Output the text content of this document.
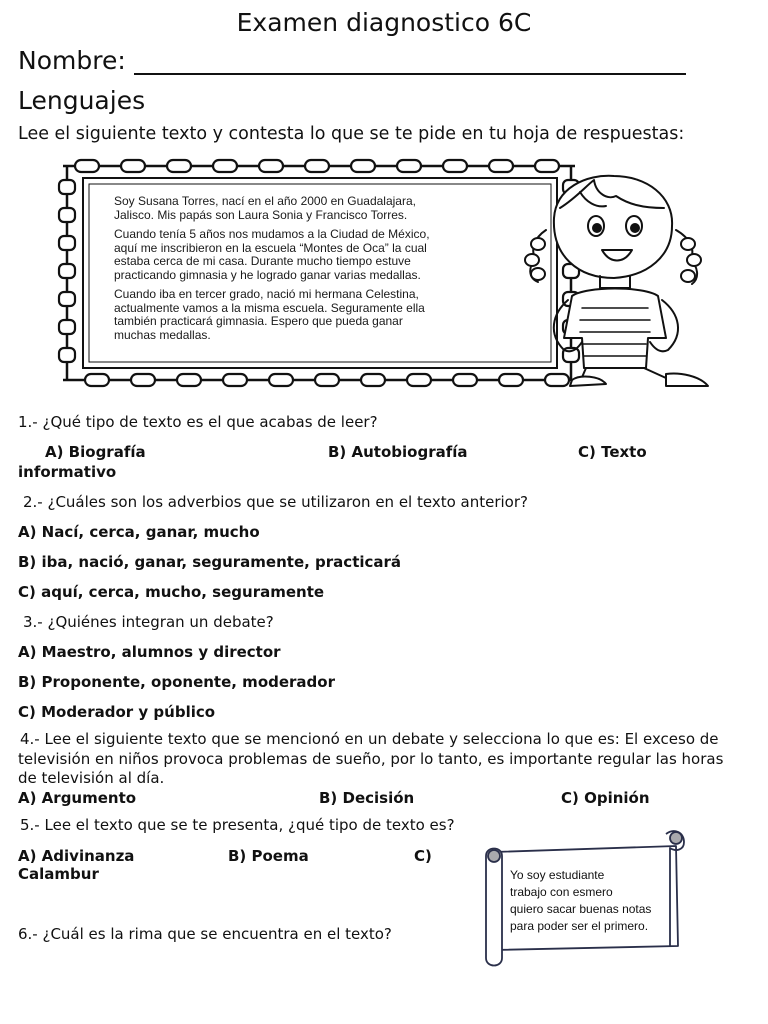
Examen diagnostico 6C
Nombre:
Lenguajes
Lee el siguiente texto y contesta lo que se te pide en tu hoja de respuestas:

Soy Susana Torres, nací en el año 2000 en Guadalajara, Jalisco. Mis papás son Laura Sonia y Francisco Torres.

Cuando tenía 5 años nos mudamos a la Ciudad de México, aquí me inscribieron en la escuela “Montes de Oca” la cual estaba cerca de mi casa. Durante mucho tiempo estuve practicando gimnasia y he logrado ganar varias medallas.

Cuando iba en tercer grado, nació mi hermana Celestina, actualmente vamos a la misma escuela. Seguramente ella también practicará gimnasia. Espero que pueda ganar muchas medallas.

1.- ¿Qué tipo de texto es el que acabas de leer?
A) Biografía	B) Autobiografía	C) Texto
informativo
2.- ¿Cuáles son los adverbios que se utilizaron en el texto anterior?
A) Nací, cerca, ganar, mucho
B) iba, nació, ganar, seguramente, practicará
C) aquí, cerca, mucho, seguramente
3.- ¿Quiénes integran un debate?
A) Maestro, alumnos y director
B) Proponente, oponente, moderador
C) Moderador y público
4.- Lee el siguiente texto que se mencionó en un debate y selecciona lo que es: El exceso de
televisión en niños provoca problemas de sueño, por lo tanto, es importante regular las horas
de televisión al día.
A) Argumento	B) Decisión	C) Opinión
5.- Lee el texto que se te presenta, ¿qué tipo de texto es?
A) Adivinanza	B) Poema	C)
Calambur
6.- ¿Cuál es la rima que se encuentra en el texto?
Yo soy estudiante
trabajo con esmero
quiero sacar buenas notas
para poder ser el primero.
